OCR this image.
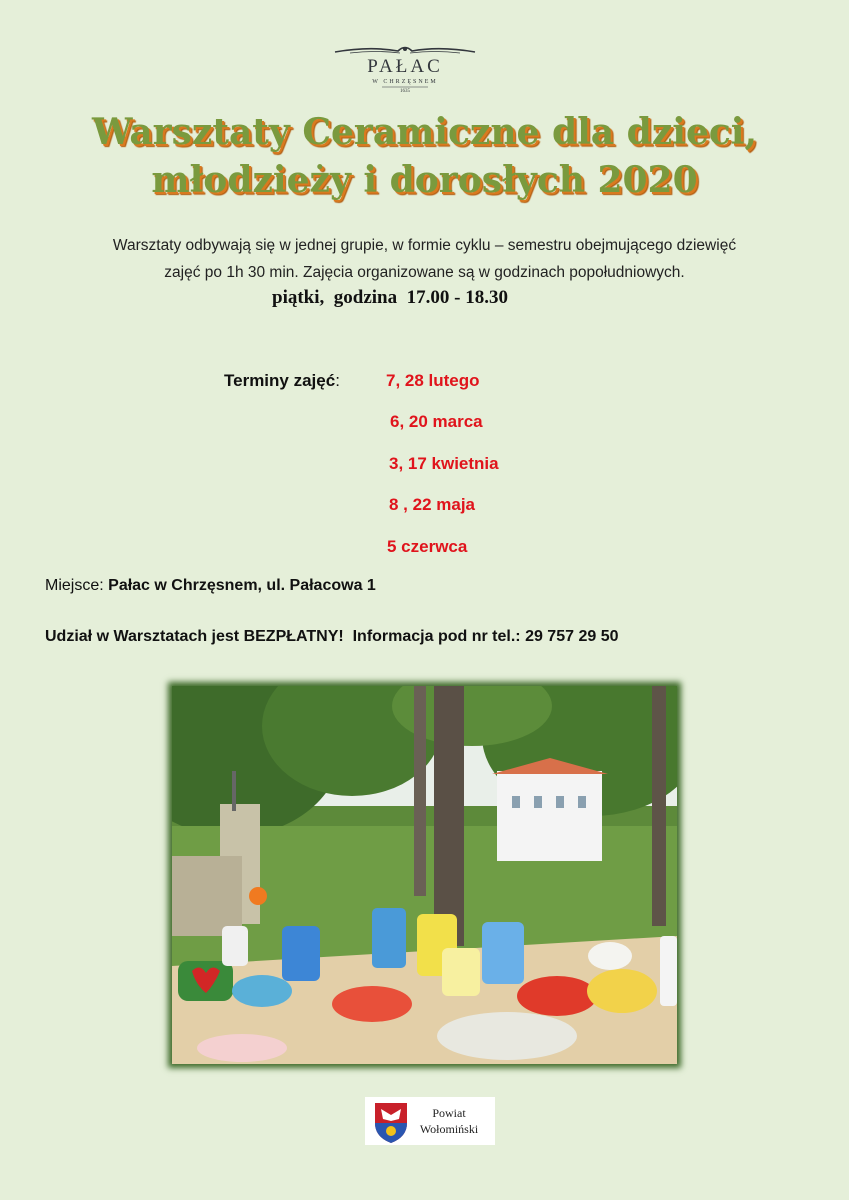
PAŁAC
W CHRZĘSNEM
1635
Warsztaty Ceramiczne dla dzieci,
młodzieży i dorosłych 2020
Warsztaty odbywają się w jednej grupie, w formie cyklu – semestru obejmującego dziewięć
zajęć po 1h 30 min. Zajęcia organizowane są w godzinach popołudniowych.
piątki,  godzina  17.00 - 18.30
Terminy zajęć:	7, 28 lutego
6, 20 marca
3, 17 kwietnia
8 , 22 maja
5 czerwca
Miejsce: Pałac w Chrzęsnem, ul. Pałacowa 1
Udział w Warsztatach jest BEZPŁATNY!  Informacja pod nr tel.: 29 757 29 50
Powiat
Wołomiński
